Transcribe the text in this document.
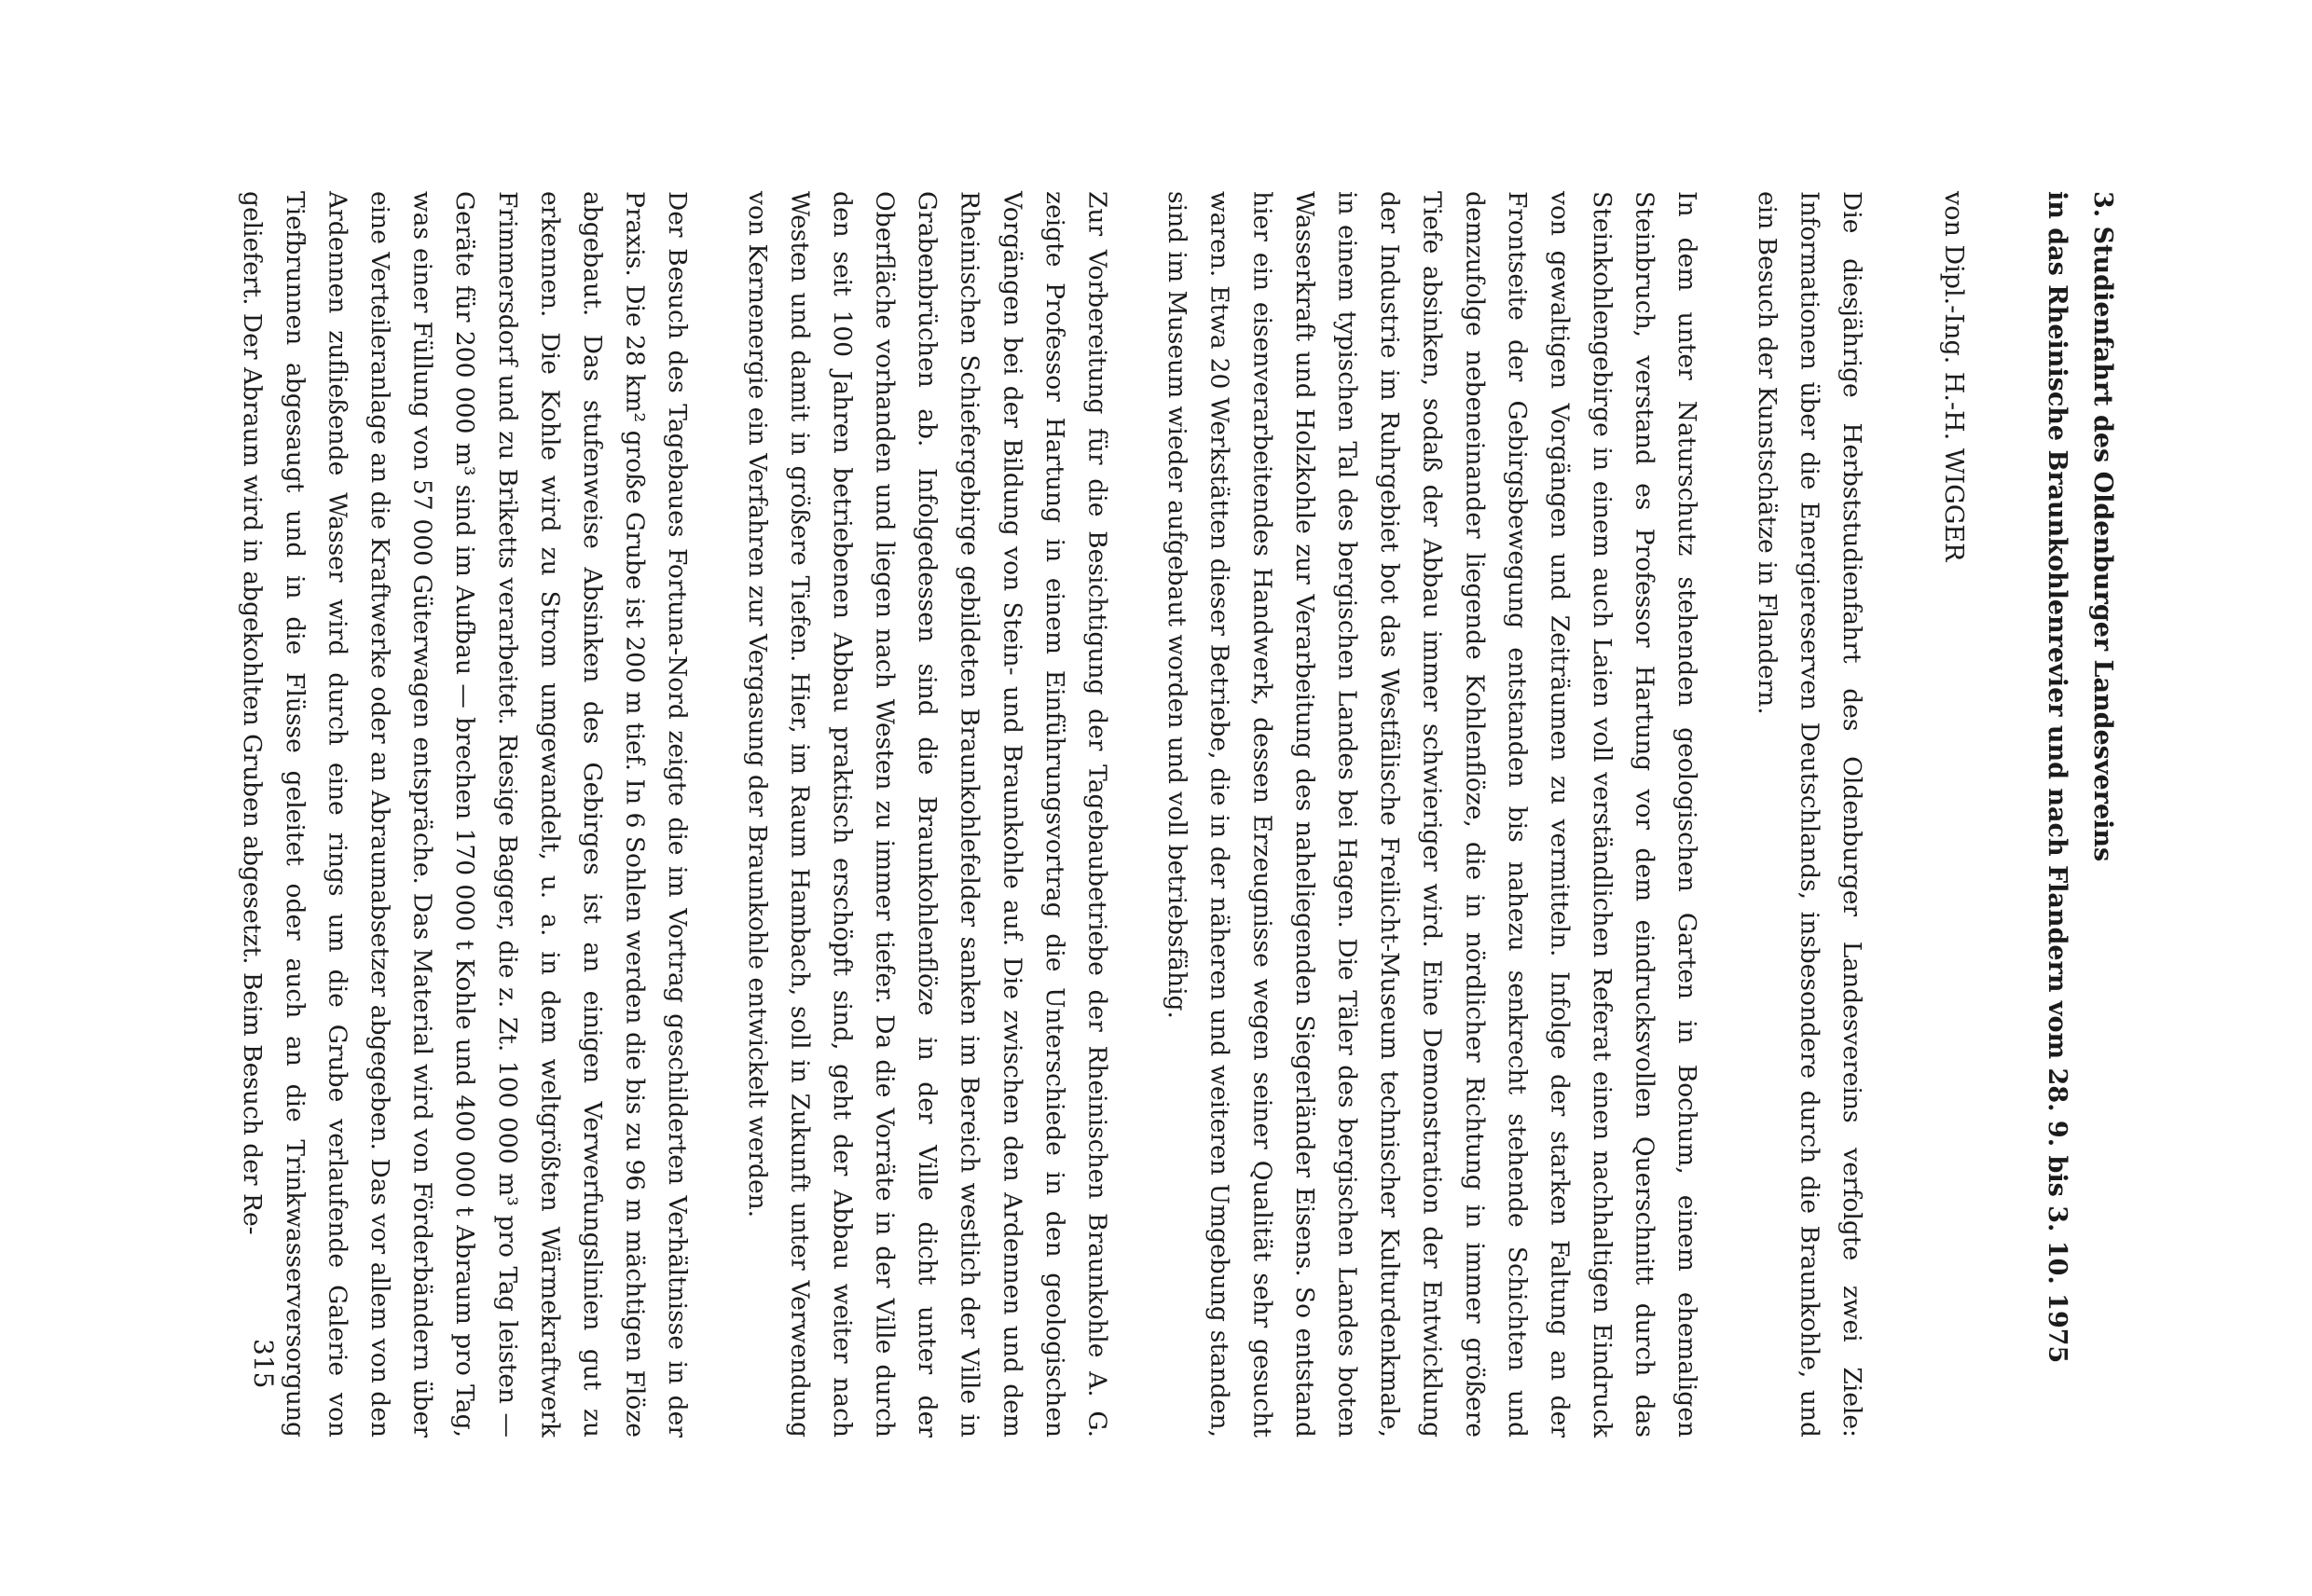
3. Studienfahrt des Oldenburger Landesvereins

in das Rheinische Braunkohlenrevier und nach Flandern vom 28. 9. bis 3. 10. 1975

von Dipl.-Ing. H.-H. WIGGER

Die diesjährige Herbststudienfahrt des Oldenburger Landesvereins verfolgte zwei Ziele: Informationen über die Energiereserven Deutschlands, insbesondere durch die Braunkohle, und ein Besuch der Kunstschätze in Flandern.

In dem unter Naturschutz stehenden geologischen Garten in Bochum, einem ehemaligen Steinbruch, verstand es Professor Hartung vor dem eindrucksvollen Querschnitt durch das Steinkohlengebirge in einem auch Laien voll verständlichen Referat einen nachhaltigen Eindruck von gewaltigen Vorgängen und Zeiträumen zu vermitteln. Infolge der starken Faltung an der Frontseite der Gebirgsbewegung entstanden bis nahezu senkrecht stehende Schichten und demzufolge nebeneinander liegende Kohlenflöze, die in nördlicher Richtung in immer größere Tiefe absinken, sodaß der Abbau immer schwieriger wird. Eine Demonstration der Entwicklung der Industrie im Ruhrgebiet bot das Westfälische Freilicht-Museum technischer Kulturdenkmale, in einem typischen Tal des bergischen Landes bei Hagen. Die Täler des bergischen Landes boten Wasserkraft und Holzkohle zur Verarbeitung des naheliegenden Siegerländer Eisens. So entstand hier ein eisenverarbeitendes Handwerk, dessen Erzeugnisse wegen seiner Qualität sehr gesucht waren. Etwa 20 Werkstätten dieser Betriebe, die in der näheren und weiteren Umgebung standen, sind im Museum wieder aufgebaut worden und voll betriebsfähig.

Zur Vorbereitung für die Besichtigung der Tagebaubetriebe der Rheinischen Braunkohle A. G. zeigte Professor Hartung in einem Einführungsvortrag die Unterschiede in den geologischen Vorgängen bei der Bildung von Stein- und Braunkohle auf. Die zwischen den Ardennen und dem Rheinischen Schiefergebirge gebildeten Braunkohlefelder sanken im Bereich westlich der Ville in Grabenbrüchen ab. Infolgedessen sind die Braunkohlenflöze in der Ville dicht unter der Oberfläche vorhanden und liegen nach Westen zu immer tiefer. Da die Vorräte in der Ville durch den seit 100 Jahren betriebenen Abbau praktisch erschöpft sind, geht der Abbau weiter nach Westen und damit in größere Tiefen. Hier, im Raum Hambach, soll in Zukunft unter Verwendung von Kernenergie ein Verfahren zur Vergasung der Braunkohle entwickelt werden.

Der Besuch des Tagebaues Fortuna-Nord zeigte die im Vortrag geschilderten Verhältnisse in der Praxis. Die 28 km² große Grube ist 200 m tief. In 6 Sohlen werden die bis zu 96 m mächtigen Flöze abgebaut. Das stufenweise Absinken des Gebirges ist an einigen Verwerfungslinien gut zu erkennen. Die Kohle wird zu Strom umgewandelt, u. a. in dem weltgrößten Wärmekraftwerk Frimmersdorf und zu Briketts verarbeitet. Riesige Bagger, die z. Zt. 100 000 m³ pro Tag leisten — Geräte für 200 000 m³ sind im Aufbau — brechen 170 000 t Kohle und 400 000 t Abraum pro Tag, was einer Füllung von 57 000 Güterwagen entspräche. Das Material wird von Förderbändern über eine Verteileranlage an die Kraftwerke oder an Abraumabsetzer abgegeben. Das vor allem von den Ardennen zufließende Wasser wird durch eine rings um die Grube verlaufende Galerie von Tiefbrunnen abgesaugt und in die Flüsse geleitet oder auch an die Trinkwasserversorgung geliefert. Der Abraum wird in abgekohlten Gruben abgesetzt. Beim Besuch der Re-

315
